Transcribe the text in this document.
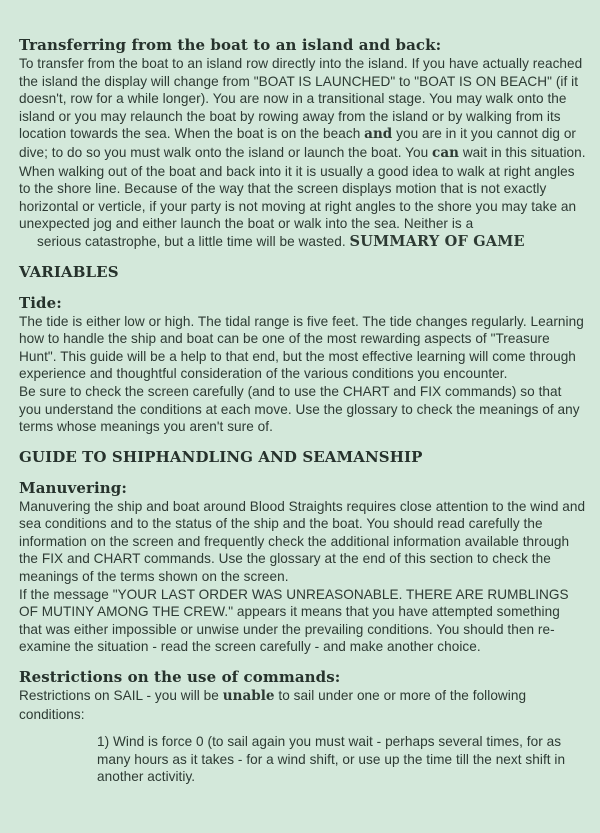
Transferring from the boat to an island and back:

To transfer from the boat to an island row directly into the island. If you have actually reached the island the display will change from "BOAT IS LAUNCHED" to "BOAT IS ON BEACH" (if it doesn't, row for a while longer). You are now in a transitional stage. You may walk onto the island or you may relaunch the boat by rowing away from the island or by walking from its location towards the sea. When the boat is on the beach and you are in it you cannot dig or dive; to do so you must walk onto the island or launch the boat. You can wait in this situation.

When walking out of the boat and back into it it is usually a good idea to walk at right angles to the shore line. Because of the way that the screen displays motion that is not exactly horizontal or verticle, if your party is not moving at right angles to the shore you may take an unexpected jog and either launch the boat or walk into the sea. Neither is a

serious catastrophe, but a little time will be wasted. SUMMARY OF GAME

VARIABLES
Tide:

The tide is either low or high. The tidal range is five feet. The tide changes regularly. Learning how to handle the ship and boat can be one of the most rewarding aspects of "Treasure Hunt". This guide will be a help to that end, but the most effective learning will come through experience and thoughtful consideration of the various conditions you encounter.

Be sure to check the screen carefully (and to use the CHART and FIX commands) so that you understand the conditions at each move. Use the glossary to check the meanings of any terms whose meanings you aren't sure of.

GUIDE TO SHIPHANDLING AND SEAMANSHIP
Manuvering:

Manuvering the ship and boat around Blood Straights requires close attention to the wind and sea conditions and to the status of the ship and the boat. You should read carefully the information on the screen and frequently check the additional information available through the FIX and CHART commands. Use the glossary at the end of this section to check the meanings of the terms shown on the screen.

If the message "YOUR LAST ORDER WAS UNREASONABLE. THERE ARE RUMBLINGS OF MUTINY AMONG THE CREW." appears it means that you have attempted something that was either impossible or unwise under the prevailing conditions. You should then re-examine the situation - read the screen carefully - and make another choice.

Restrictions on the use of commands:

Restrictions on SAIL - you will be unable to sail under one or more of the following conditions:

1) Wind is force 0 (to sail again you must wait - perhaps several times, for as many hours as it takes - for a wind shift, or use up the time till the next shift in another activitiy.
